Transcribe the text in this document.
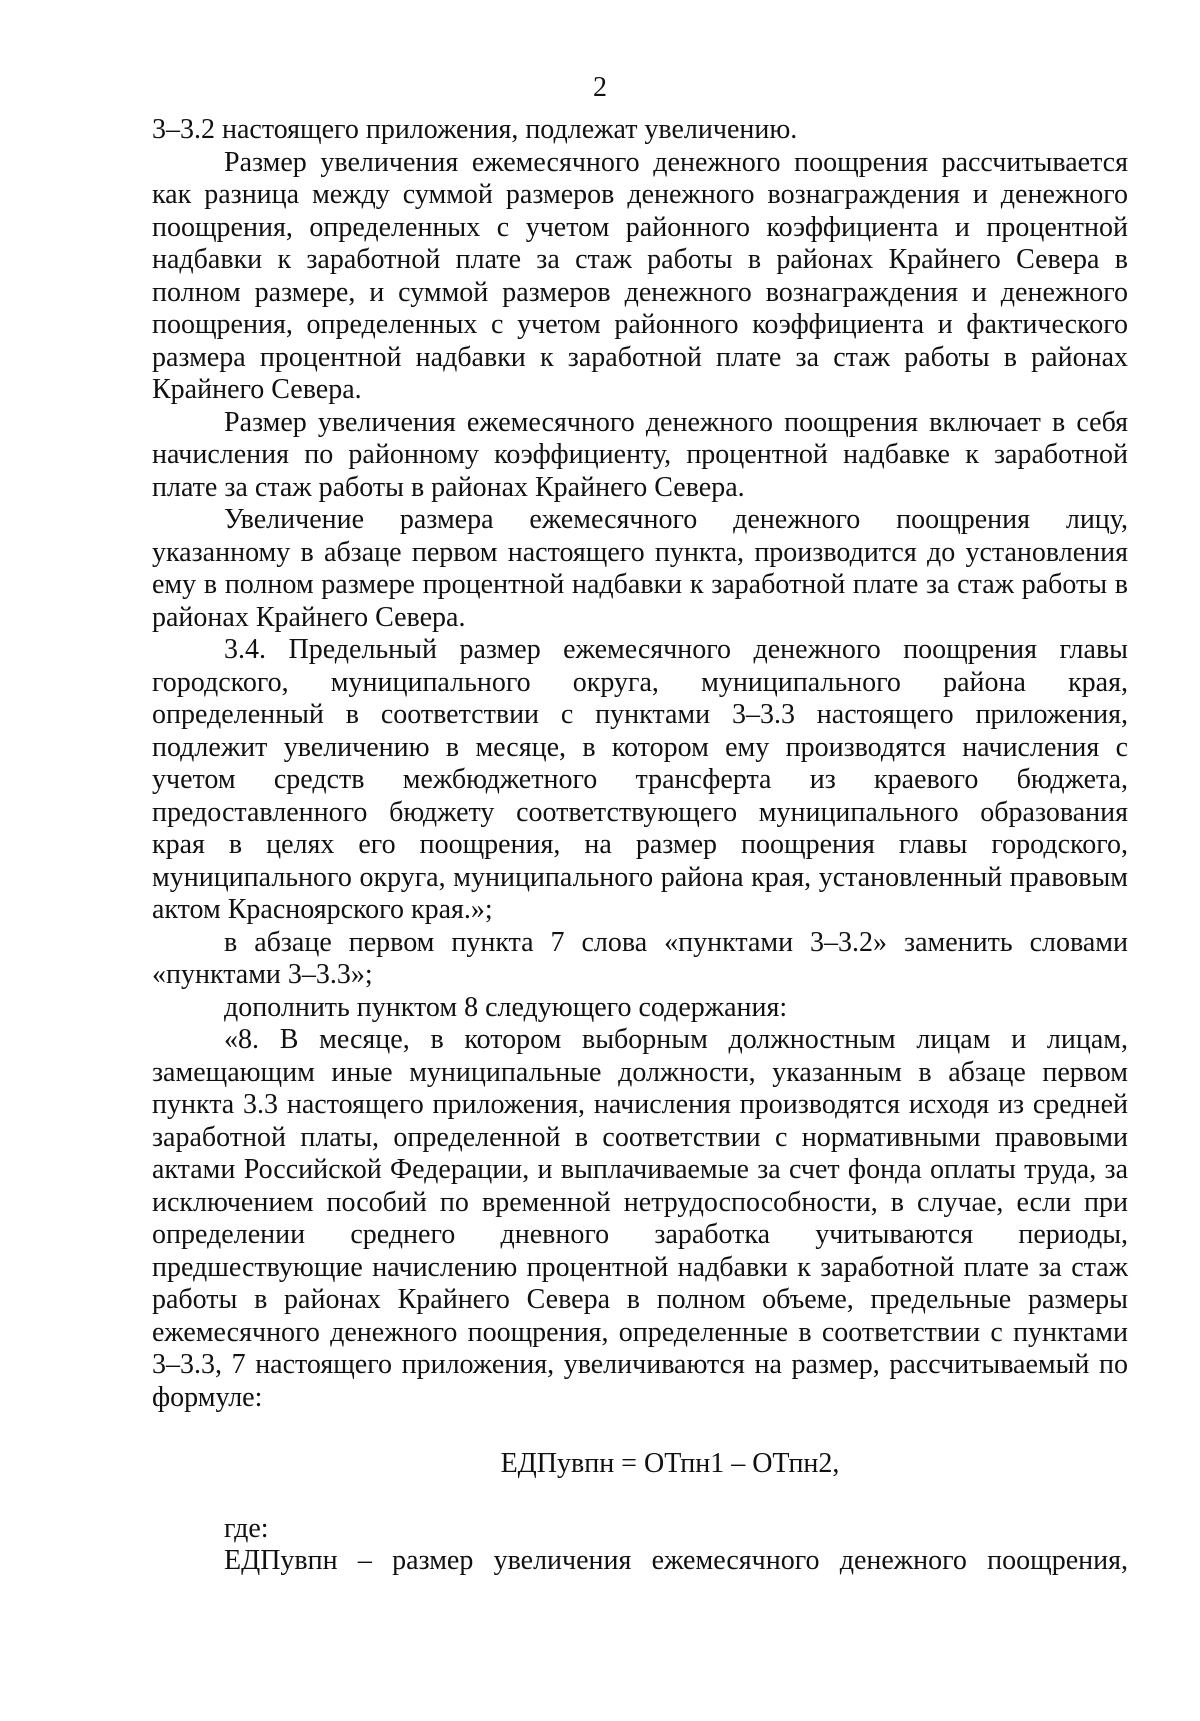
2

3–3.2 настоящего приложения, подлежат увеличению.

Размер увеличения ежемесячного денежного поощрения рассчитывается как разница между суммой размеров денежного вознаграждения и денежного поощрения, определенных с учетом районного коэффициента и процентной надбавки к заработной плате за стаж работы в районах Крайнего Севера в полном размере, и суммой размеров денежного вознаграждения и денежного поощрения, определенных с учетом районного коэффициента и фактического размера процентной надбавки к заработной плате за стаж работы в районах Крайнего Севера.

Размер увеличения ежемесячного денежного поощрения включает в себя начисления по районному коэффициенту, процентной надбавке к заработной плате за стаж работы в районах Крайнего Севера.

Увеличение размера ежемесячного денежного поощрения лицу, указанному в абзаце первом настоящего пункта, производится до установления ему в полном размере процентной надбавки к заработной плате за стаж работы в районах Крайнего Севера.

3.4. Предельный размер ежемесячного денежного поощрения главы городского, муниципального округа, муниципального района края, определенный в соответствии с пунктами 3–3.3 настоящего приложения, подлежит увеличению в месяце, в котором ему производятся начисления с учетом средств межбюджетного трансферта из краевого бюджета, предоставленного бюджету соответствующего муниципального образования края в целях его поощрения, на размер поощрения главы городского, муниципального округа, муниципального района края, установленный правовым актом Красноярского края.»;

в абзаце первом пункта 7 слова «пунктами 3–3.2» заменить словами «пунктами 3–3.3»;

дополнить пунктом 8 следующего содержания:

«8. В месяце, в котором выборным должностным лицам и лицам, замещающим иные муниципальные должности, указанным в абзаце первом пункта 3.3 настоящего приложения, начисления производятся исходя из средней заработной платы, определенной в соответствии с нормативными правовыми актами Российской Федерации, и выплачиваемые за счет фонда оплаты труда, за исключением пособий по временной нетрудоспособности, в случае, если при определении среднего дневного заработка учитываются периоды, предшествующие начислению процентной надбавки к заработной плате за стаж работы в районах Крайнего Севера в полном объеме, предельные размеры ежемесячного денежного поощрения, определенные в соответствии с пунктами 3–3.3, 7 настоящего приложения, увеличиваются на размер, рассчитываемый по формуле:

ЕДПувпн = ОТпн1 – ОТпн2,

где:

ЕДПувпн – размер увеличения ежемесячного денежного поощрения,
